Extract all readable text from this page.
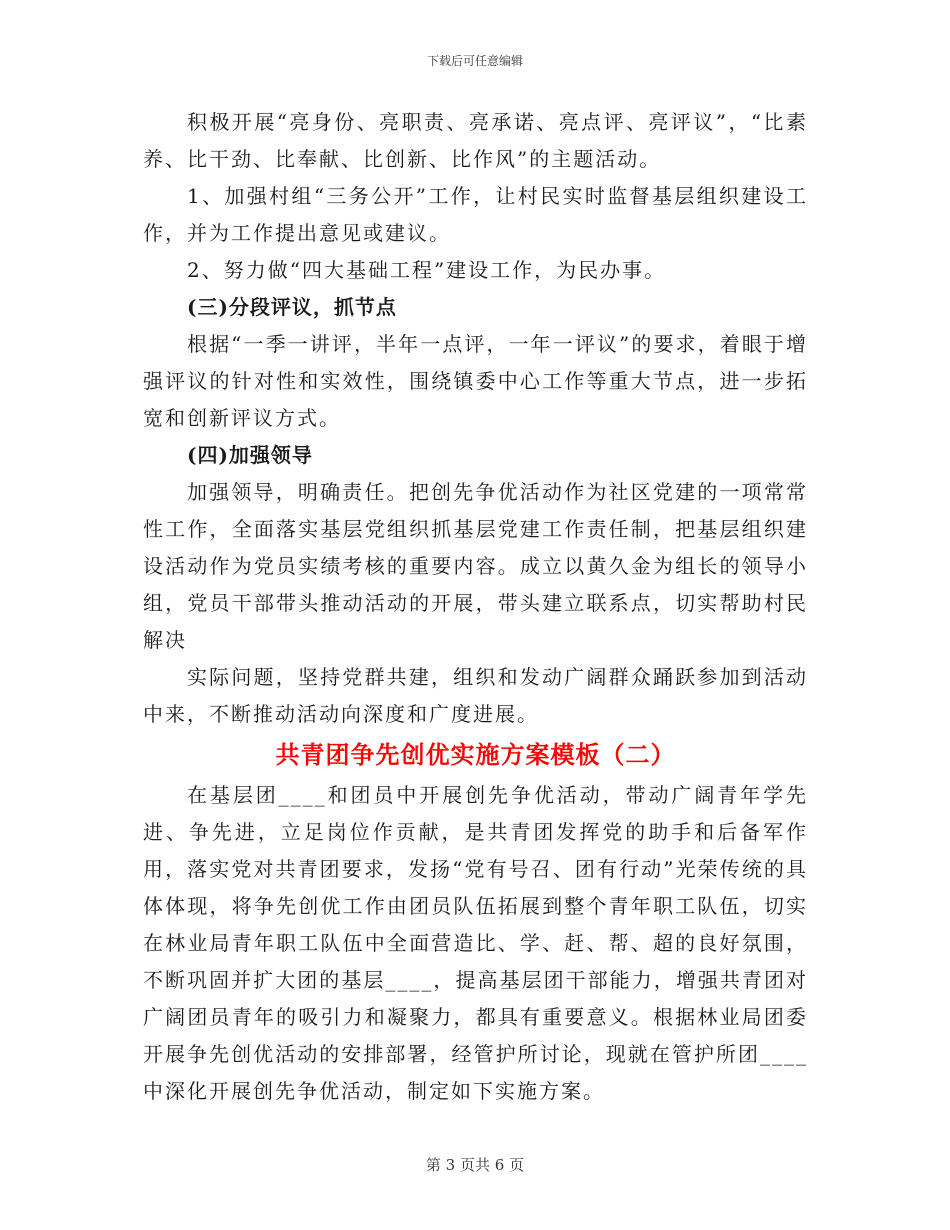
下载后可任意编辑

积极开展“亮身份、亮职责、亮承诺、亮点评、亮评议”，“比素养、比干劲、比奉献、比创新、比作风”的主题活动。

1、加强村组“三务公开”工作，让村民实时监督基层组织建设工作，并为工作提出意见或建议。

2、努力做“四大基础工程”建设工作，为民办事。

(三)分段评议，抓节点

根据“一季一讲评，半年一点评，一年一评议”的要求，着眼于增强评议的针对性和实效性，围绕镇委中心工作等重大节点，进一步拓宽和创新评议方式。

(四)加强领导

加强领导，明确责任。把创先争优活动作为社区党建的一项常常性工作，全面落实基层党组织抓基层党建工作责任制，把基层组织建设活动作为党员实绩考核的重要内容。成立以黄久金为组长的领导小组，党员干部带头推动活动的开展，带头建立联系点，切实帮助村民解决

实际问题，坚持党群共建，组织和发动广阔群众踊跃参加到活动中来，不断推动活动向深度和广度进展。

共青团争先创优实施方案模板（二）

在基层团____和团员中开展创先争优活动，带动广阔青年学先进、争先进，立足岗位作贡献，是共青团发挥党的助手和后备军作用，落实党对共青团要求，发扬“党有号召、团有行动”光荣传统的具体体现，将争先创优工作由团员队伍拓展到整个青年职工队伍，切实在林业局青年职工队伍中全面营造比、学、赶、帮、超的良好氛围，不断巩固并扩大团的基层____，提高基层团干部能力，增强共青团对广阔团员青年的吸引力和凝聚力，都具有重要意义。根据林业局团委开展争先创优活动的安排部署，经管护所讨论，现就在管护所团____中深化开展创先争优活动，制定如下实施方案。

第 3 页共 6 页
